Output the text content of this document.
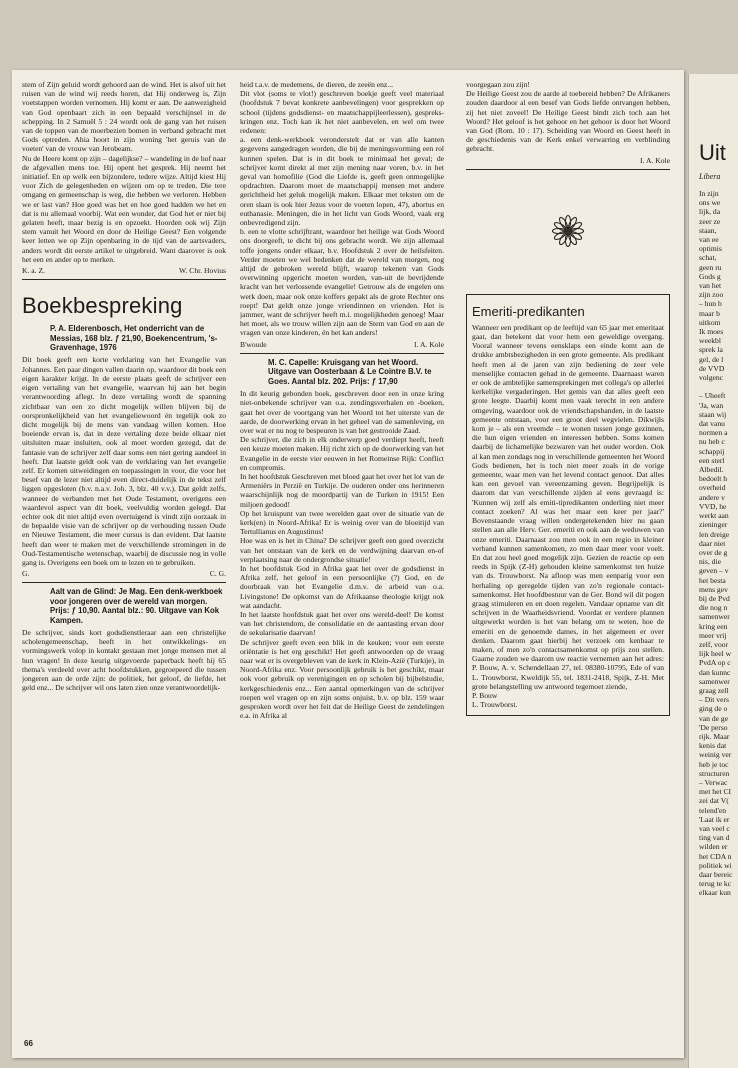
stem of Zijn geluid wordt gehoord aan de wind. Het is alsof uit het ruisen van de wind wij reeds horen, dat Hij onderweg is, Zijn voetstappen worden vernomen. Hij komt er aan. De aanwezigheid van God openbaart zich in een bepaald verschijnsel in de schepping. In 2 Samuël 5 : 24 wordt ook de gang van het ruisen van de toppen van de moerbezien bomen in verband gebracht met Gods optreden. Ahia hoort in zijn woning 'het geruis van de voeten' van de vrouw van Jerobeam.

Nu de Heere komt op zijn – dagelijkse? – wandeling in de hof naar de afgevallen mens toe. Hij opent het gesprek. Hij neemt het initiatief. En op welk een bijzondere, tedere wijze. Altijd kiest Hij voor Zich de gelegenheden en wijzen om op te treden. Die tere omgang en gemeenschap is weg, die hebben we verloren. Hebben we er last van? Hoe goed was het en hoe goed hadden we het en dat is nu allemaal voorbij. Wat een wonder, dat God het er niet bij gelaten heeft, maar bezig is en opzoekt. Hoorden ook wij Zijn stem vanuit het Woord en door de Heilige Geest? Een volgende keer letten we op Zijn openbaring in de tijd van de aartsvaders, anders wordt dit eerste artikel te uitgebreid. Want daarover is ook het een en ander op te merken.

K. a. Z.	W. Chr. Hovius
Boekbespreking
P. A. Elderenbosch, Het onderricht van de Messias, 168 blz. ƒ 21,90, Boekencentrum, 's-Gravenhage, 1976

Dit boek geeft een korte verklaring van het Evangelie van Johannes. Een paar dingen vallen daarin op, waardoor dit boek een eigen karakter krijgt. In de eerste plaats geeft de schrijver een eigen vertaling van het evangelie, waarvan hij aan het begin verantwoording aflegt. In deze vertaling wordt de spanning zichtbaar van een zo dicht mogelijk willen blijven bij de oorspronkelijkheid van het evangeliewoord én tegelijk ook zo dicht mogelijk bij de mens van vandaag willen komen. Hoe boeiende ervan is, dat in deze vertaling deze beide elkaar niet uitsluiten maar insluiten, ook al moet worden gezegd, dat de fantasie van de schrijver zelf daar soms een niet gering aandeel in heeft. Dat laatste geldt ook van de verklaring van het evangelie zelf. Er komen uitweidingen en toepassingen in voor, die voor het besef van de lezer niet altijd even direct-duidelijk in de tekst zelf liggen opgesloten (b.v. n.a.v. Joh. 3, blz. 40 v.v.). Dat geldt zelfs, wanneer de verbanden met het Oude Testament, overigens een waardevol aspect van dit boek, veelvuldig worden gelegd. Dat echter ook dit niet altijd even overtuigend is vindt zijn oorzaak in de bepaalde visie van de schrijver op de verhouding tussen Oude en Nieuwe Testament, die meer cursus is dan evident. Dat laatste heeft dan weer te maken met de verschillende stromingen in de Oud-Testamentische wetenschap, waarbij de discussie nog in volle gang is. Overigens een boek om te lezen en te gebruiken.

G.	C. G.
Aalt van de Glind: Je Mag. Een denk-werkboek voor jongeren over de wereld van morgen. Prijs: ƒ 10,90. Aantal blz.: 90. Uitgave van Kok Kampen.

De schrijver, sinds kort godsdienstleraar aan een christelijke scholengemeenschap, heeft in het ontwikkelings- en vormingswerk volop in kontakt gestaan met jonge mensen met al hun vragen! In deze keurig uitgevoerde paperback heeft hij 65 thema's verdeeld over acht hoofdstukken, gegroepeerd die tussen jongeren aan de orde zijn: de politiek, het geloof, de liefde, het geld enz... De schrijver wil ons laten zien onze verantwoordelijk-

heid t.a.v. de medemens, de dieren, de zeeën enz...

Dit vlot (soms te vlot!) geschreven boekje geeft veel materiaal (hoofdstuk 7 bevat konkrete aanbevelingen) voor gesprekken op school (tijdens godsdienst- en maatschappijleerlessen), gespreks-kringen enz. Toch kan ik het niet aanbevelen, en wel om twee redenen:

a. een denk-werkboek veronderstelt dat er van alle kanten gegevens aangedragen worden, die bij de meningsvorming een rol kunnen spelen. Dat is in dit boek te minimaal het geval; de schrijver komt direkt al met zijn mening naar voren, b.v. in het geval van homofilie (God die Liefde is, geeft geen onmogelijke opdrachten. Daarom moet de maatschappij mensen met andere gerichtheid het geluk mogelijk maken. Elkaar met teksten om de oren slaan is ook hier Jezus voor de voeten lopen, 47), abortus en euthanasie. Meningen, die in het licht van Gods Woord, vaak erg onbevredigend zijn.

b. een te vlotte schrijftrant, waardoor het heilige wat Gods Woord ons doorgeeft, te dicht bij ons gebracht wordt. We zijn allemaal toffe jongens onder elkaar, b.v. Hoofdstuk 2 over de heilsfeiten. Verder moeten we wel bedenken dat de wereld van morgen, nog altijd de gebroken wereld blijft, waarop tekenen van Gods overwinning opgericht moeten worden, van-uit de bevrijdende kracht van het verlossende evangelie! Getrouw als de engelen ons werk doen, maar ook onze koffers gepakt als de grote Rechter ons roept! Dat geldt onze jonge vriendinnen en vrienden. Het is jammer, want de schrijver heeft m.i. mogelijkheden genoeg! Maar het moet, als we trouw willen zijn aan de Stem van God en aan de vragen van onze kinderen, én het kan anders!

B'woude	I. A. Kole
M. C. Capelle: Kruisgang van het Woord. Uitgave van Oosterbaan & Le Cointre B.V. te Goes. Aantal blz. 202. Prijs: ƒ 17,90

In dit keurig gebonden boek, geschreven door een in onze kring niet-onbekende schrijver van o.a. zendingsverhalen en -boeken, gaat het over de voortgang van het Woord tot het uiterste van de aarde, de doorwerking ervan in het geheel van de samenleving, en over wat er nu nog te bespeuren is van het gestrooide Zaad.

De schrijver, die zich in elk onderwerp goed verdiept heeft, heeft een keuze moeten maken. Hij richt zich op de doorwerking van het Evangelie in de eerste vier eeuwen in het Romeinse Rijk: Conflict en compromis.

In het hoofdstuk Geschreven met bloed gaat het over het lot van de Armeniërs in Perzië en Turkije. De ouderen onder ons herinneren waarschijnlijk nog de moordpartij van de Turken in 1915! Een miljoen gedood!

Op het kruispunt van twee werelden gaat over de situatie van de kerk(en) in Noord-Afrika! Er is weinig over van de bloeitijd van Tertullianus en Augustinus!

Hoe was en is het in China? De schrijver geeft een goed overzicht van het ontstaan van de kerk en de verdwijning daarvan en-of verplaatsing naar de ondergrondse situatie!

In het hoofdstuk God in Afrika gaat het over de godsdienst in Afrika zelf, het geloof in een persoonlijke (?) God, en de doorbraak van het Evangelie d.m.v. de arbeid van o.a. Livingstone! De opkomst van de Afrikaanse theologie krijgt ook wat aandacht.

In het laatste hoofdstuk gaat het over ons wereld-deel! De komst van het christendom, de consolidatie en de aantasting ervan door de sekularisatie daarvan!

De schrijver geeft even een blik in de keuken; voor een eerste oriëntatie is het erg geschikt! Het geeft antwoorden op de vraag naar wat er is overgebleven van de kerk in Klein-Azië (Turkije), in Noord-Afrika enz. Voor persoonlijk gebruik is het geschikt, maar ook voor gebruik op verenigingen en op scholen bij bijbelstudie, kerkgeschiedenis enz... Een aantal opmerkingen van de schrijver roepen wel vragen op en zijn soms onjuist, b.v. op blz. 159 waar gesproken wordt over het feit dat de Heilige Geest de zendelingen e.a. in Afrika al

voorgegaan zou zijn!

De Heilige Geest zou de aarde al toebereid hebben? De Afrikaners zouden daardoor al een besef van Gods liefde ontvangen hebben, zij het niet zoveel! De Heilige Geest bindt zich toch aan het Woord? Het geloof is het gehoor en het gehoor is door het Woord van God (Rom. 10 : 17). Scheiding van Woord en Geest heeft in de geschiedenis van de Kerk enkel verwarring en verblinding gebracht.

I. A. Kole
Emeriti-predikanten

Wanneer een predikant op de leeftijd van 65 jaar met emeritaat gaat, dan betekent dat voor hem een geweldige overgang. Vooral wanneer tevens eensklaps een einde komt aan de drukke ambtsbezigheden in een grote gemeente. Als predikant heeft men al de jaren van zijn bediening de zeer vele menselijke contacten gehad in de gemeente. Daarnaast waren er ook de ambtelijke samensprekingen met collega's op allerlei kerkelijke vergaderingen. Het gemis van dat alles geeft een grote leegte. Daarbij komt men vaak terecht in een andere omgeving, waardoor ook de vriendschapsbanden, in de laatste gemeente ontstaan, voor een groot deel wegvielen. Dikwijls kom je – als een vreemde – te wonen tussen jonge gezinnen, die hun eigen vrienden en interessen hebben. Soms komen daarbij de lichamelijke bezwaren van het ouder worden. Ook al kan men zondags nog in verschillende gemeenten het Woord Gods bedienen, het is toch niet meer zoals in de vorige gemeente, waar men van het levend contact genoot. Dat alles kan een gevoel van vereenzaming geven. Begrijpelijk is daarom dat van verschillende zijden al eens gevraagd is: 'Kunnen wij zelf als emiti-tipredikanten onderling niet meer contact zoeken? Al was het maar een keer per jaar?' Bovenstaande vraag willen ondergetekenden hier nu gaan stellen aan alle Herv. Ger. emeriti en ook aan de weduwen van onze emeriti. Daarnaast zou men ook in een regio in kleiner verband kunnen samenkomen, zo men daar meer voor voelt. En dat zou heel goed mogelijk zijn. Gezien de reactie op een reeds in Spijk (Z-H) gehouden kleine samenkomst ten huize van ds. Trouwborst. Na afloop was men eenparig voor een herhaling op geregelde tijden van zo'n regionale contact-samenkomst. Het hoofdbestuur van de Ger. Bond wil dit pogen graag stimuleren en en doen regelen. Vandaar opname van dit schrijven in de Waarheidsvriend. Voordat er verdere plannen uitgewerkt worden is het van belang om te weten, hoe de emeriti en de genoemde dames, in het algemeen er over denken. Daarom gaat hierbij het verzoek om kenbaar te maken, of men zo'n contactsamenkomst op prijs zou stellen. Gaarne zouden we daarom uw reactie vernemen aan het adres: P. Bouw, A. v. Schendellaan 27, tel. 08380-10795, Ede of van L. Trouwborst, Kweldijk 55, tel. 1831-2418, Spijk, Z-H. Met grote belangstelling uw antwoord tegemoet ziende,

P. Bouw
L. Trouwborst.
66
Uit
Libera
In zijn
ons we
lijk, da
zeer ze
staan,
van ee
optimis
schat,
geen ru
Gods g
van het
zijn zoo
– hun b
maar b
uitkom
Ik moes
weekbl
sprek la
gel, de l
de VVD
volgenc
– Uheeft
'Ja, wan
staan wij
dat vanu
normen a
nu heb c
schappij
een sterl
Albedil.
bedoelt h
overheid
andere v
VVD, he
werkt aan
zieninger
len dreige
daar niet
over de g
nis, die
geven – v
het besta
mens gev
bij de Pvd
die nog n
samenwer
kring een
meer vrij
zelf, voor
lijk heel w
PvdA op c
dan kunnc
samenwer
graag zell
– Dit vers
ging de o
van de ge
'De perso
rijk. Maar
kenis dat
weinig ver
heb je toc
structuren
– Verwac
met het CI
zei dat V(
telend'en
'Laat ik er
van veel c
ting van d
wilden er
het CDA n
politiek wi
daar bereic
terug te kc
elkaar kun
